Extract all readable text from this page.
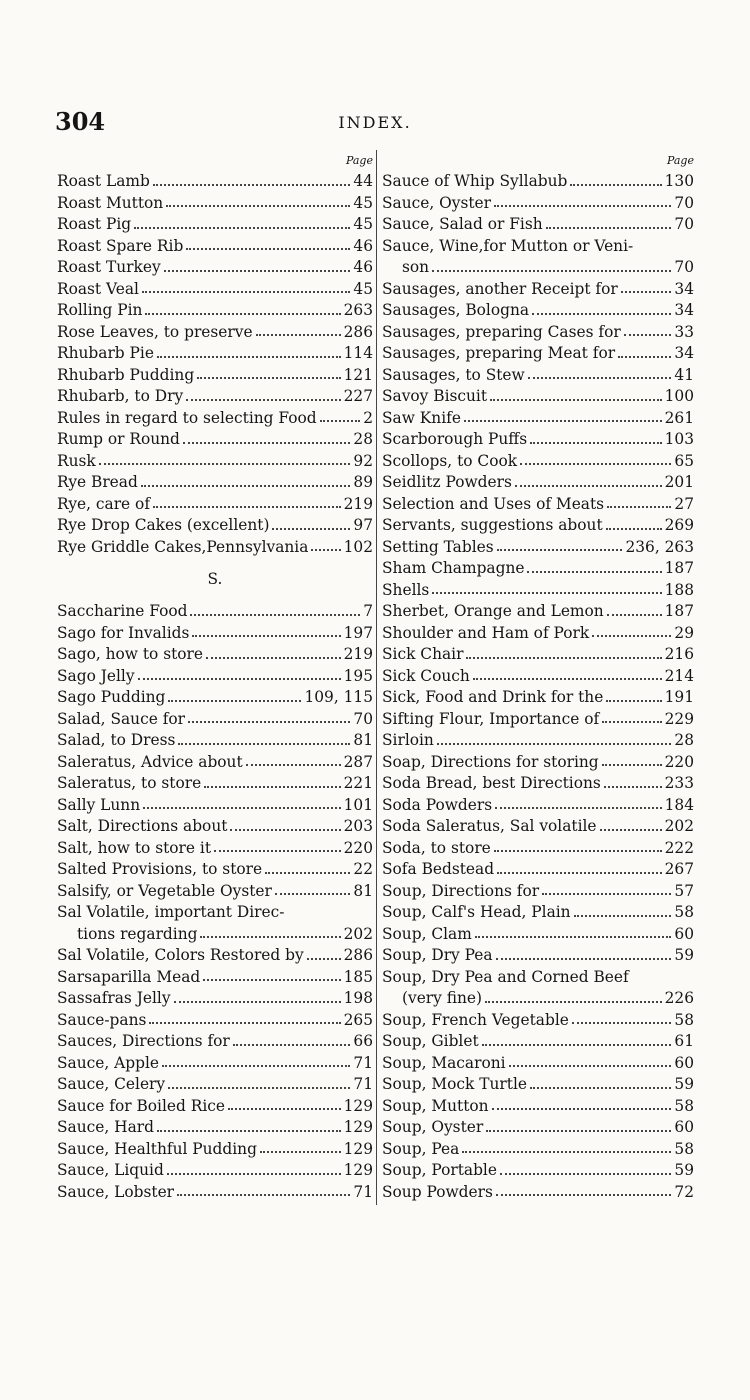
304	INDEX.
Page
Roast Lamb	44
Roast Mutton	45
Roast Pig	45
Roast Spare Rib	46
Roast Turkey	46
Roast Veal	45
Rolling Pin	263
Rose Leaves, to preserve	286
Rhubarb Pie	114
Rhubarb Pudding	121
Rhubarb, to Dry	227
Rules in regard to selecting Food	2
Rump or Round	28
Rusk	92
Rye Bread	89
Rye, care of	219
Rye Drop Cakes (excellent)	97
Rye Griddle Cakes,Pennsylvania 102
S.
Saccharine Food	7
Sago for Invalids	197
Sago, how to store	219
Sago Jelly	195
Sago Pudding	109, 115
Salad, Sauce for	70
Salad, to Dress	81
Saleratus, Advice about	287
Saleratus, to store	221
Sally Lunn	101
Salt, Directions about	203
Salt, how to store it	220
Salted Provisions, to store	22
Salsify, or Vegetable Oyster	81
Sal Volatile, important Direc-
tions regarding	202
Sal Volatile, Colors Restored by	286
Sarsaparilla Mead	185
Sassafras Jelly	198
Sauce-pans	265
Sauces, Directions for	66
Sauce, Apple	71
Sauce, Celery	71
Sauce for Boiled Rice	129
Sauce, Hard	129
Sauce, Healthful Pudding	129
Sauce, Liquid	129
Sauce, Lobster	71
Page
Sauce of Whip Syllabub	130
Sauce, Oyster	70
Sauce, Salad or Fish	70
Sauce, Wine,for Mutton or Veni-
son	70
Sausages, another Receipt for	34
Sausages, Bologna	34
Sausages, preparing Cases for	33
Sausages, preparing Meat for	34
Sausages, to Stew	41
Savoy Biscuit	100
Saw Knife	261
Scarborough Puffs	103
Scollops, to Cook	65
Seidlitz Powders	201
Selection and Uses of Meats	27
Servants, suggestions about	269
Setting Tables	236, 263
Sham Champagne	187
Shells	188
Sherbet, Orange and Lemon	187
Shoulder and Ham of Pork	29
Sick Chair	216
Sick Couch	214
Sick, Food and Drink for the	191
Sifting Flour, Importance of	229
Sirloin	28
Soap, Directions for storing	220
Soda Bread, best Directions	233
Soda Powders	184
Soda Saleratus, Sal volatile	202
Soda, to store	222
Sofa Bedstead	267
Soup, Directions for	57
Soup, Calf's Head, Plain	58
Soup, Clam	60
Soup, Dry Pea	59
Soup, Dry Pea and Corned Beef
(very fine)	226
Soup, French Vegetable	58
Soup, Giblet	61
Soup, Macaroni	60
Soup, Mock Turtle	59
Soup, Mutton	58
Soup, Oyster	60
Soup, Pea	58
Soup, Portable	59
Soup Powders	72
